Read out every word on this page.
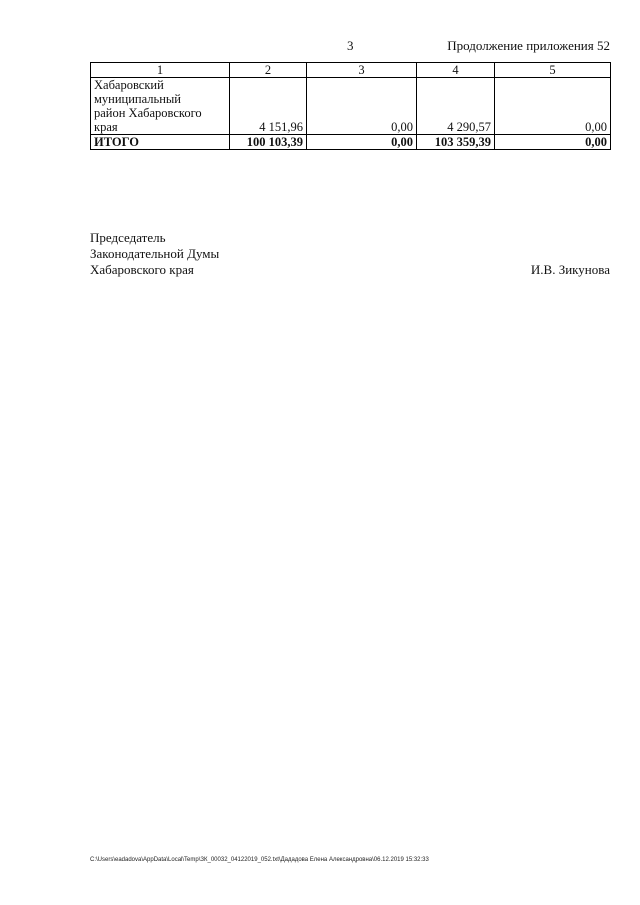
3	Продолжение приложения 52
1	2	3	4	5

Хабаровский
муниципальный
район Хабаровского
края	4 151,96	0,00	4 290,57	0,00
ИТОГО	100 103,39	0,00	103 359,39	0,00
Председатель
Законодательной Думы
Хабаровского края	И.В. Зикунова
C:\Users\eadadova\AppData\Local\Temp\ЗК_00032_04122019_052.txt\Дададова Елена Александровна\06.12.2019 15:32:33
